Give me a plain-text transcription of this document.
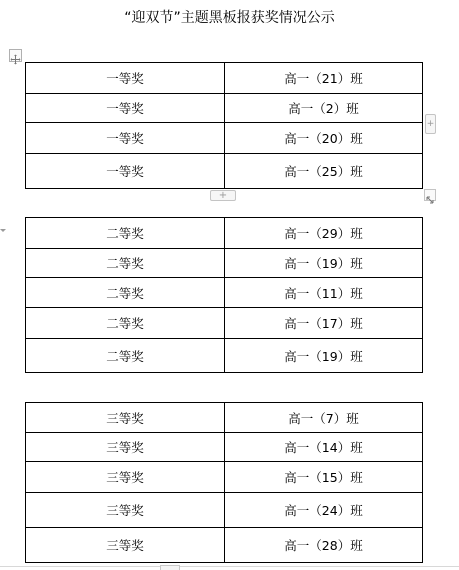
“迎双节”主题黑板报获奖情况公示
一等奖	高一（21）班
一等奖	高一（2）班
一等奖	高一（20）班
一等奖	高一（25）班
+
+
二等奖	高一（29）班
二等奖	高一（19）班
二等奖	高一（11）班
二等奖	高一（17）班
二等奖	高一（19）班
三等奖	高一（7）班
三等奖	高一（14）班
三等奖	高一（15）班
三等奖	高一（24）班
三等奖	高一（28）班
